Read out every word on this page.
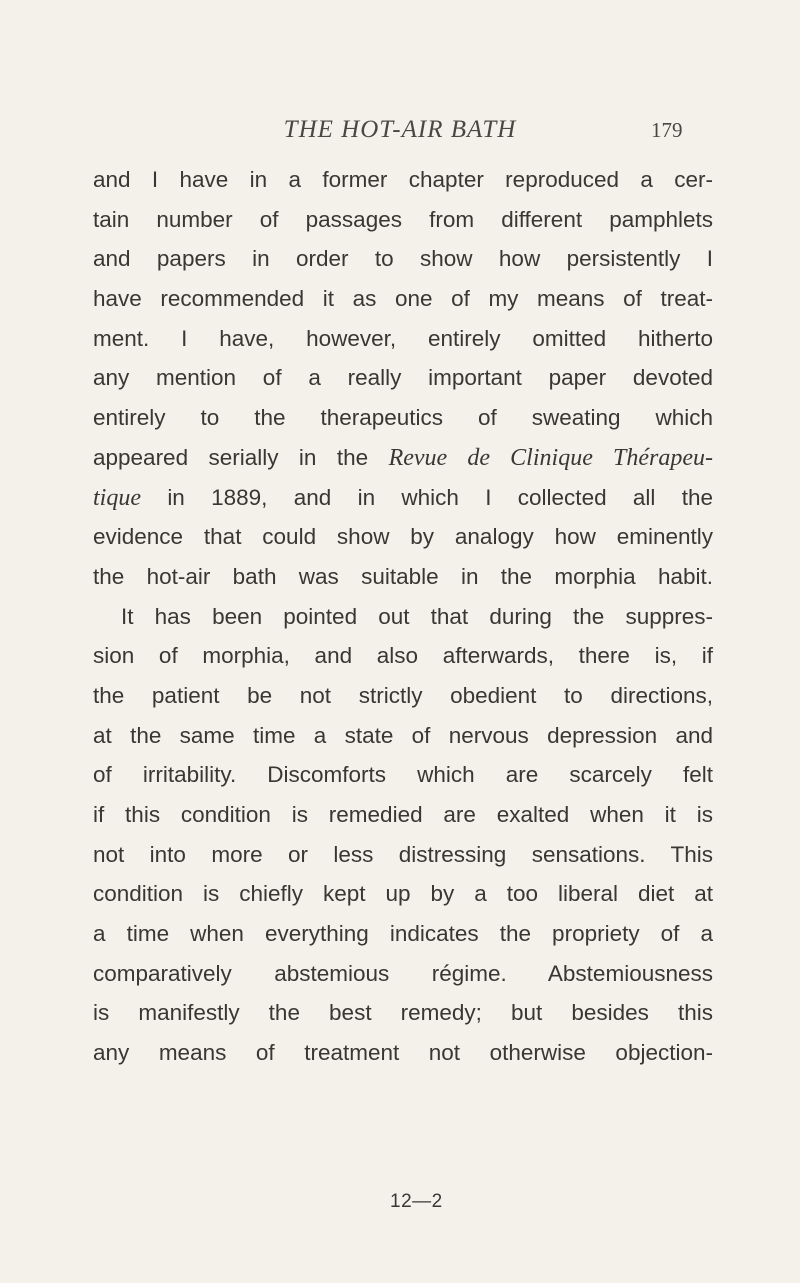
THE HOT-AIR BATH	179
and I have in a former chapter reproduced a cer-
tain number of passages from different pamphlets
and papers in order to show how persistently I
have recommended it as one of my means of treat-
ment. I have, however, entirely omitted hitherto
any mention of a really important paper devoted
entirely to the therapeutics of sweating which
appeared serially in the Revue de Clinique Thérapeu-
tique in 1889, and in which I collected all the
evidence that could show by analogy how eminently
the hot-air bath was suitable in the morphia habit.
It has been pointed out that during the suppres-
sion of morphia, and also afterwards, there is, if
the patient be not strictly obedient to directions,
at the same time a state of nervous depression and
of irritability. Discomforts which are scarcely felt
if this condition is remedied are exalted when it is
not into more or less distressing sensations. This
condition is chiefly kept up by a too liberal diet at
a time when everything indicates the propriety of a
comparatively abstemious régime. Abstemiousness
is manifestly the best remedy; but besides this
any means of treatment not otherwise objection-
12—2
